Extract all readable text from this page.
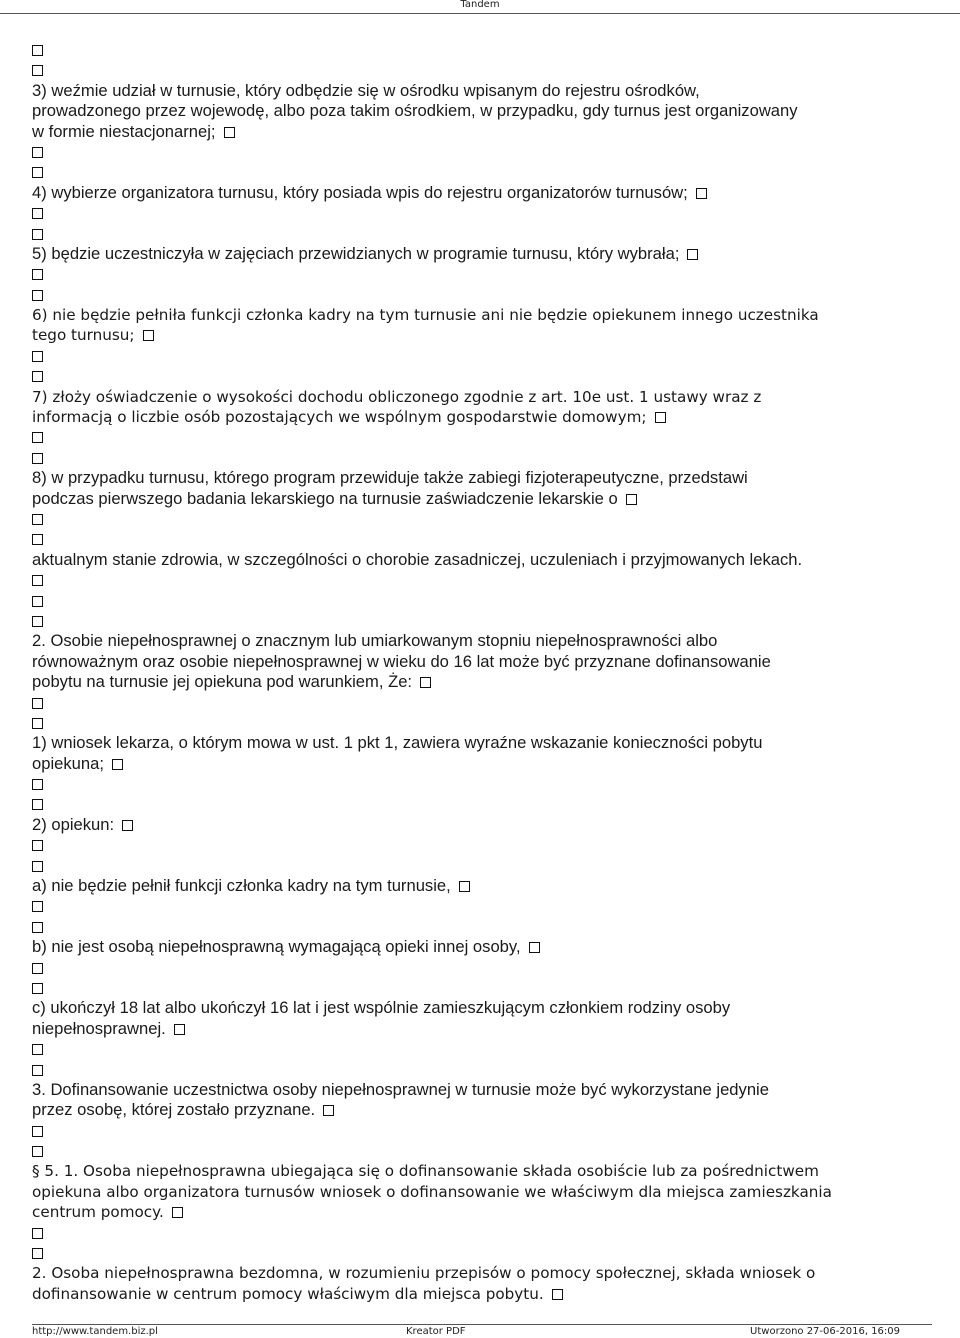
Tandem
3) weźmie udział w turnusie, który odbędzie się w ośrodku wpisanym do rejestru ośrodków,
prowadzonego przez wojewodę, albo poza takim ośrodkiem, w przypadku, gdy turnus jest organizowany
w formie niestacjonarnej;
4) wybierze organizatora turnusu, który posiada wpis do rejestru organizatorów turnusów;
5) będzie uczestniczyła w zajęciach przewidzianych w programie turnusu, który wybrała;
6) nie będzie pełniła funkcji członka kadry na tym turnusie ani nie będzie opiekunem innego uczestnika
tego turnusu;
7) złoży oświadczenie o wysokości dochodu obliczonego zgodnie z art. 10e ust. 1 ustawy wraz z
informacją o liczbie osób pozostających we wspólnym gospodarstwie domowym;
8) w przypadku turnusu, którego program przewiduje także zabiegi fizjoterapeutyczne, przedstawi
podczas pierwszego badania lekarskiego na turnusie zaświadczenie lekarskie o
aktualnym stanie zdrowia, w szczególności o chorobie zasadniczej, uczuleniach i przyjmowanych lekach.
2. Osobie niepełnosprawnej o znacznym lub umiarkowanym stopniu niepełnosprawności albo
równoważnym oraz osobie niepełnosprawnej w wieku do 16 lat może być przyznane dofinansowanie
pobytu na turnusie jej opiekuna pod warunkiem, Że:
1) wniosek lekarza, o którym mowa w ust. 1 pkt 1, zawiera wyraźne wskazanie konieczności pobytu
opiekuna;
2) opiekun:
a) nie będzie pełnił funkcji członka kadry na tym turnusie,
b) nie jest osobą niepełnosprawną wymagającą opieki innej osoby,
c) ukończył 18 lat albo ukończył 16 lat i jest wspólnie zamieszkującym członkiem rodziny osoby
niepełnosprawnej.
3. Dofinansowanie uczestnictwa osoby niepełnosprawnej w turnusie może być wykorzystane jedynie
przez osobę, której zostało przyznane.
§ 5. 1. Osoba niepełnosprawna ubiegająca się o dofinansowanie składa osobiście lub za pośrednictwem
opiekuna albo organizatora turnusów wniosek o dofinansowanie we właściwym dla miejsca zamieszkania
centrum pomocy.
2. Osoba niepełnosprawna bezdomna, w rozumieniu przepisów o pomocy społecznej, składa wniosek o
dofinansowanie w centrum pomocy właściwym dla miejsca pobytu.
http://www.tandem.biz.pl	Kreator PDF	Utworzono 27-06-2016, 16:09
